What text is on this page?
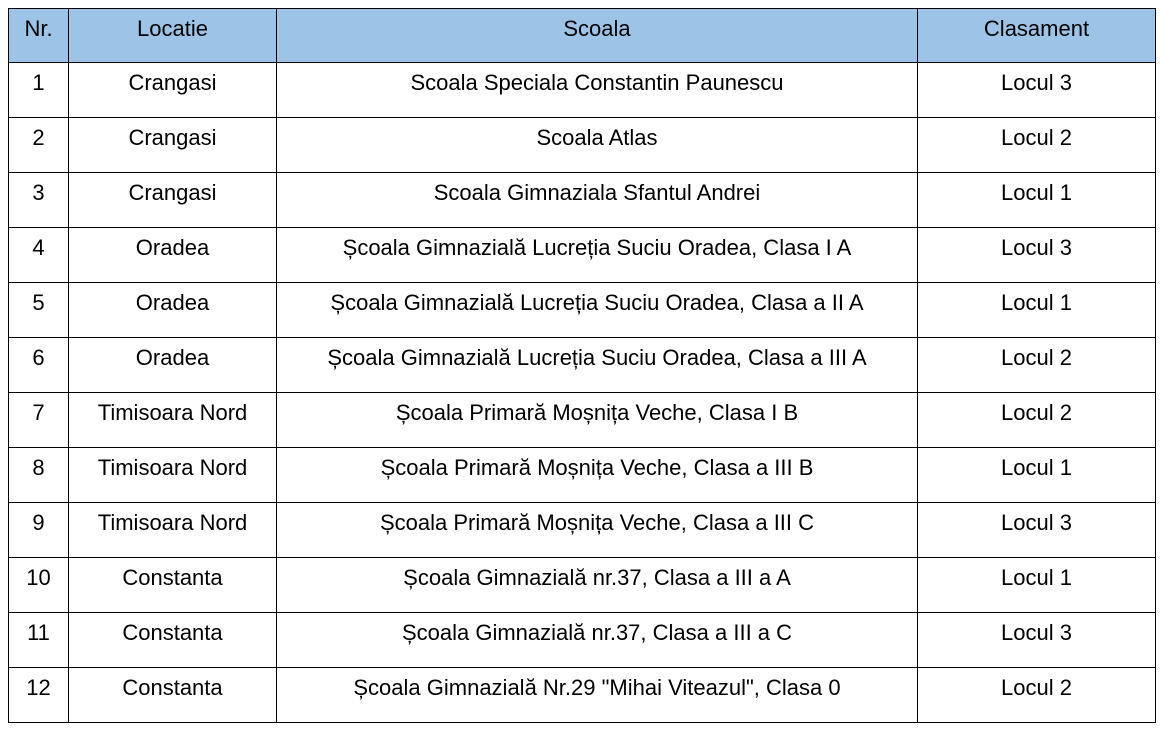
Nr.	Locatie	Scoala	Clasament
1	Crangasi	Scoala Speciala Constantin Paunescu	Locul 3
2	Crangasi	Scoala Atlas	Locul 2
3	Crangasi	Scoala Gimnaziala Sfantul Andrei	Locul 1
4	Oradea	Școala Gimnazială Lucreția Suciu Oradea, Clasa I A	Locul 3
5	Oradea	Școala Gimnazială Lucreția Suciu Oradea, Clasa a II A	Locul 1
6	Oradea	Școala Gimnazială Lucreția Suciu Oradea, Clasa a III A	Locul 2
7	Timisoara Nord	Școala Primară Moșnița Veche, Clasa I B	Locul 2
8	Timisoara Nord	Școala Primară Moșnița Veche, Clasa a III B	Locul 1
9	Timisoara Nord	Școala Primară Moșnița Veche, Clasa a III C	Locul 3
10	Constanta	Școala Gimnazială nr.37, Clasa a III a A	Locul 1
11	Constanta	Școala Gimnazială nr.37, Clasa a III a C	Locul 3
12	Constanta	Școala Gimnazială Nr.29 "Mihai Viteazul", Clasa 0	Locul 2
